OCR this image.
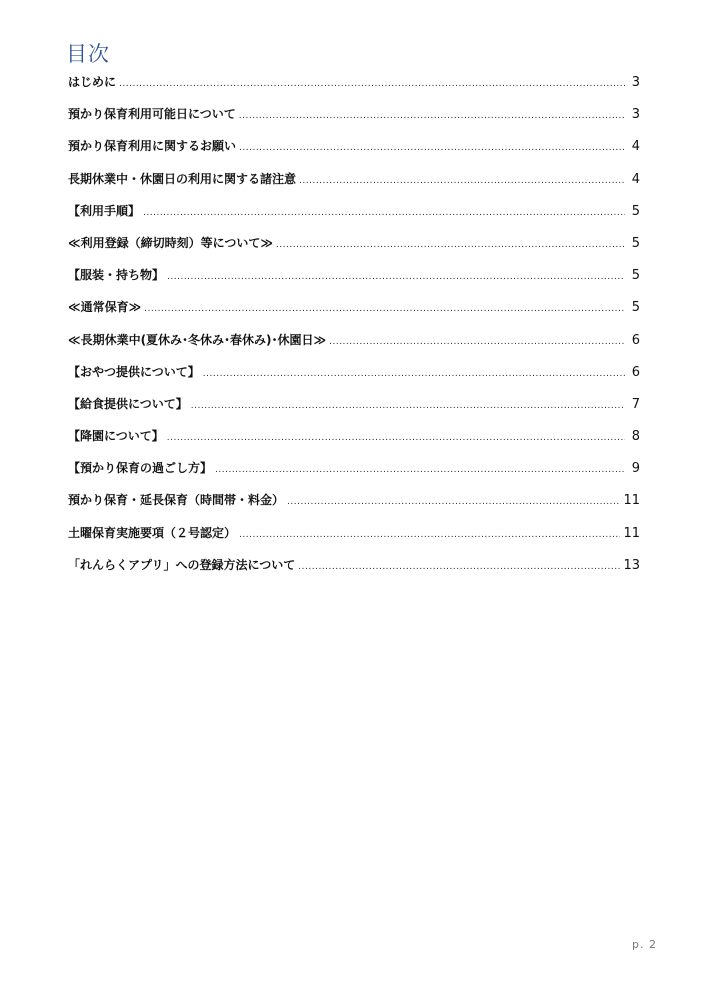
目次
はじめに .....	3
預かり保育利用可能日について .....	3
預かり保育利用に関するお願い .....	4
長期休業中・休園日の利用に関する諸注意 .....	4
【利用手順】 .....	5
≪利用登録（締切時刻）等について≫ .....	5
【服装・持ち物】 .....	5
≪通常保育≫ .....	5
≪長期休業中(夏休み･冬休み･春休み)･休園日≫ .....	6
【おやつ提供について】 .....	6
【給食提供について】 .....	7
【降園について】 .....	8
【預かり保育の過ごし方】 .....	9
預かり保育・延長保育（時間帯・料金） .....	11
土曜保育実施要項（２号認定） .....	11
「れんらくアプリ」への登録方法について .....	13
p. 2
